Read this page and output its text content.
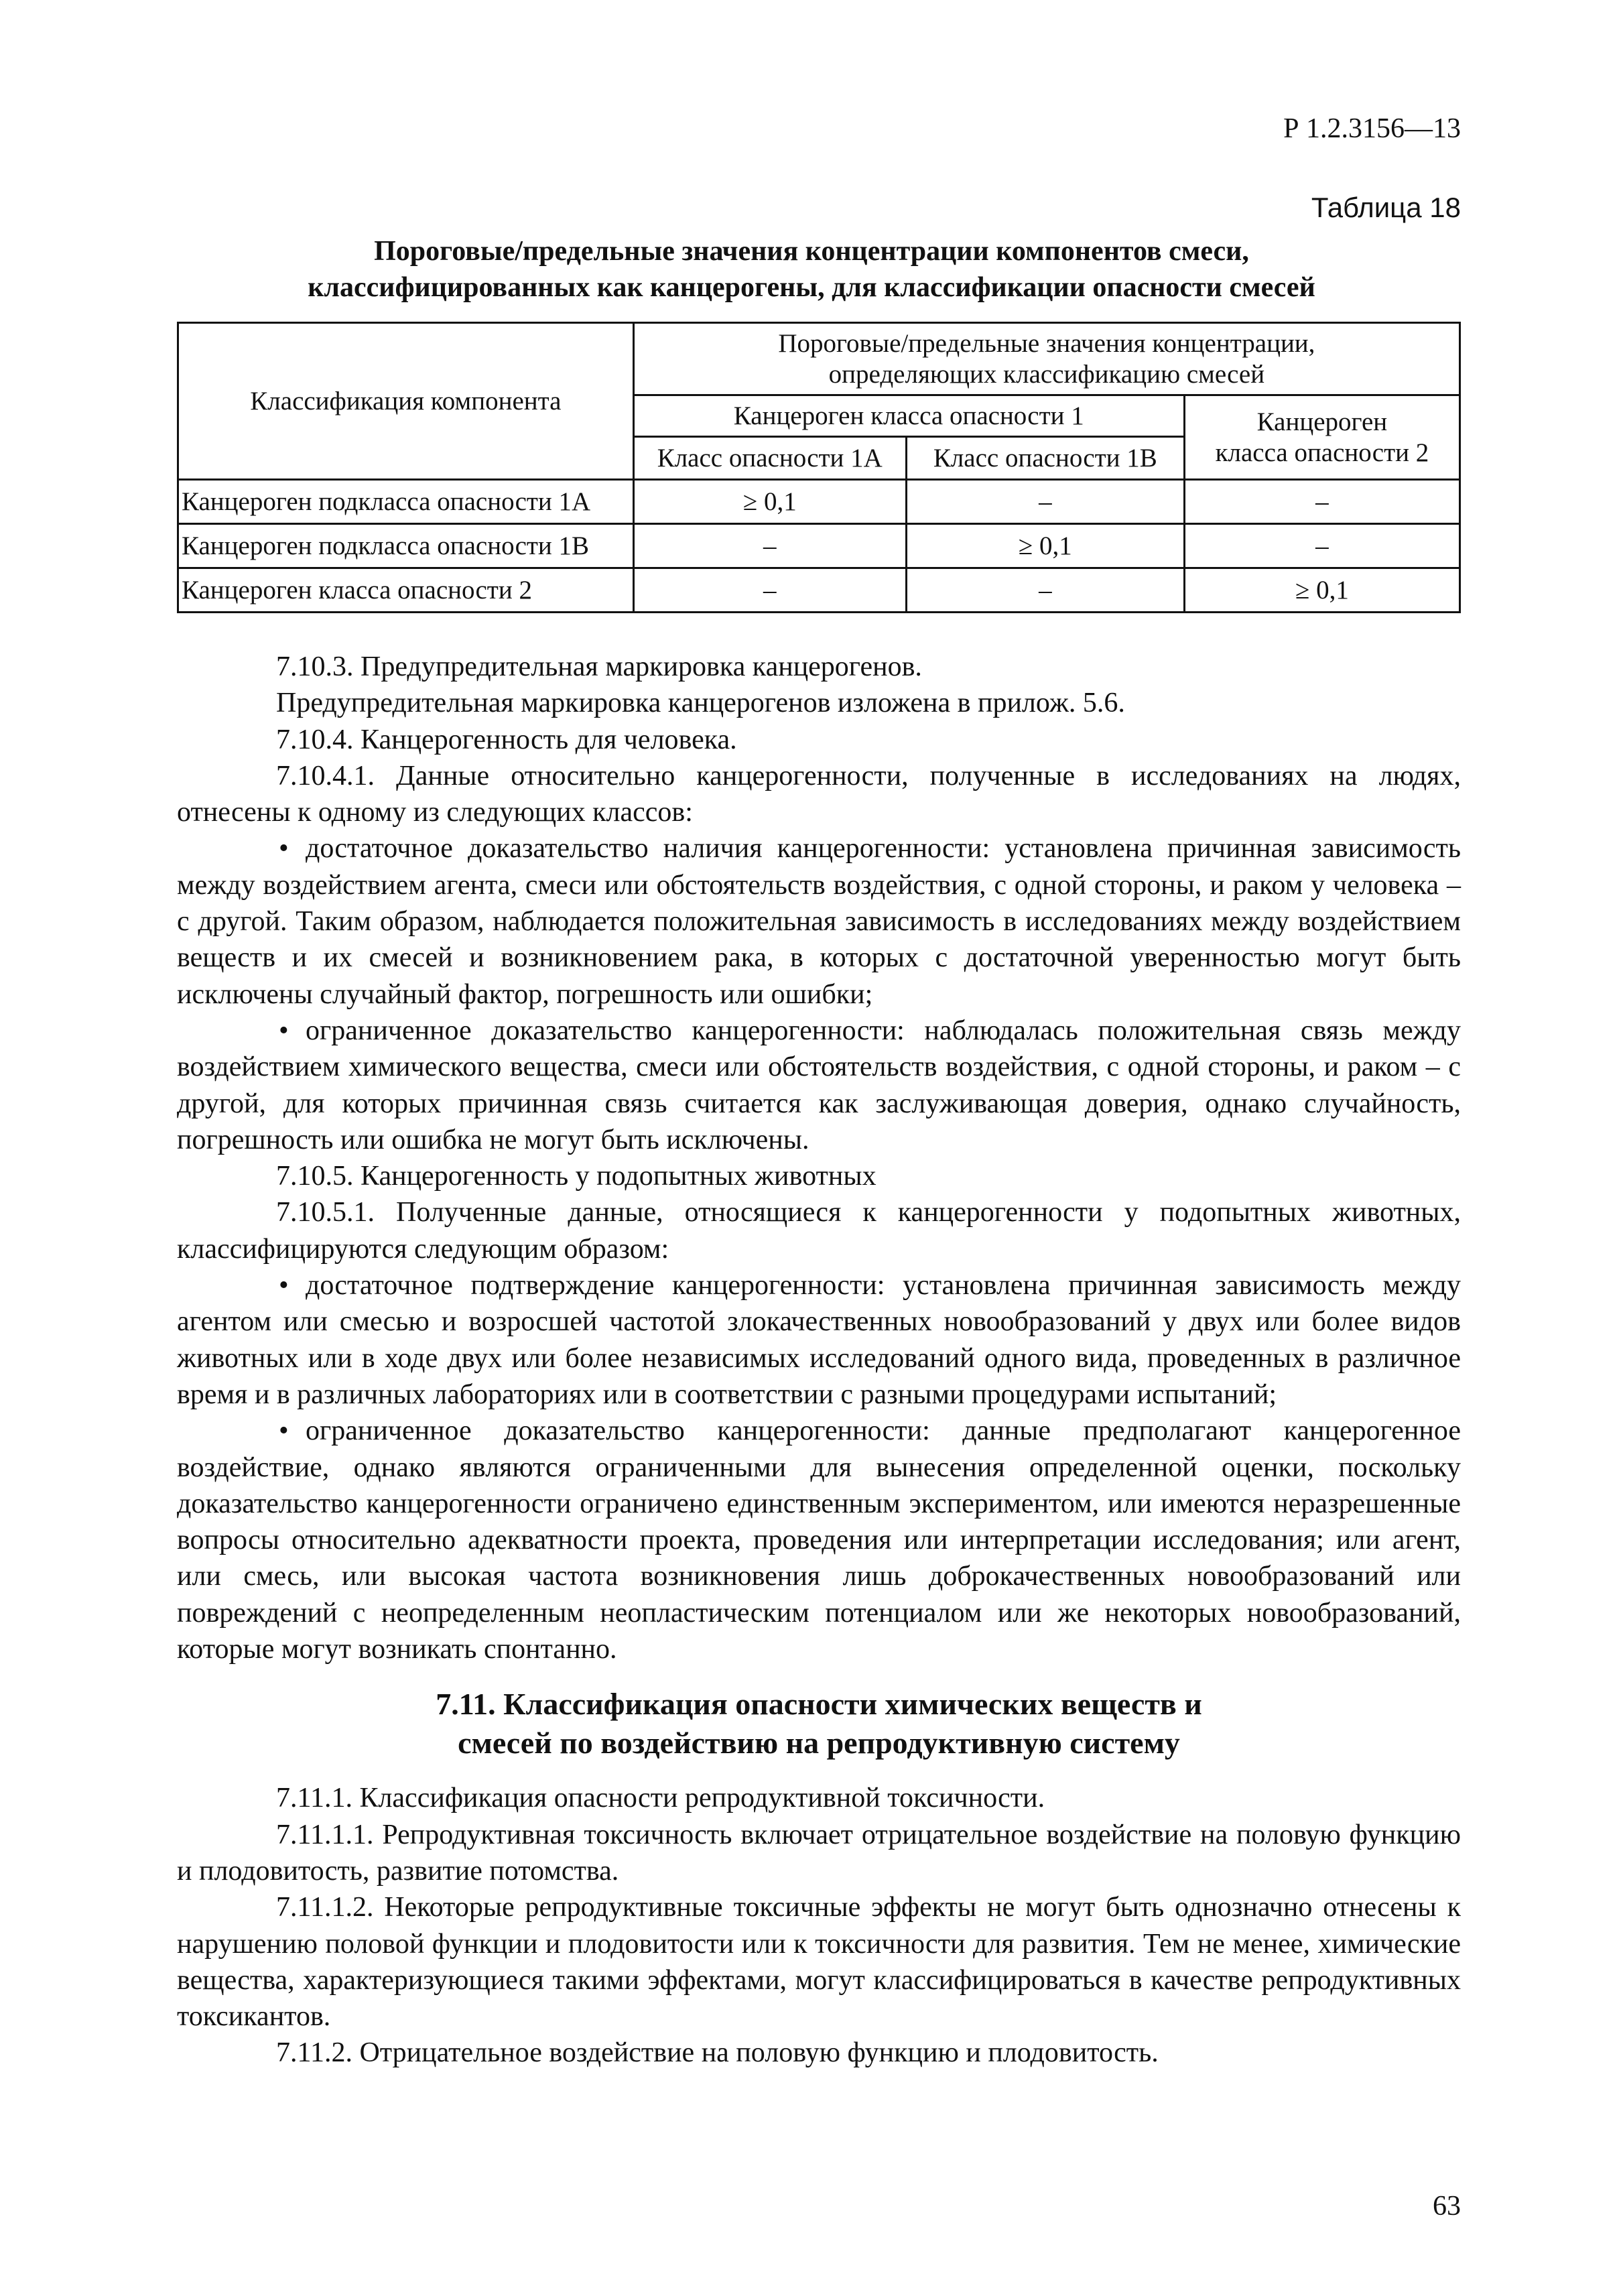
Р 1.2.3156—13
Таблица 18
Пороговые/предельные значения концентрации компонентов смеси,
классифицированных как канцерогены, для классификации опасности смесей
Классификация компонента	Пороговые/предельные значения концентрации,
определяющих классификацию смесей		

	Канцероген класса опасности 1		Канцероген
класса опасности 2

	Класс опасности 1A	Класс опасности 1B	
Канцероген подкласса опасности 1А	≥ 0,1	–	–
Канцероген подкласса опасности 1В	–	≥ 0,1	–
Канцероген класса опасности 2	–	–	≥ 0,1

7.10.3. Предупредительная маркировка канцерогенов.

Предупредительная маркировка канцерогенов изложена в прилож. 5.6.

7.10.4. Канцерогенность для человека.

7.10.4.1. Данные относительно канцерогенности, полученные в исследованиях на людях, отнесены к одному из следующих классов:

• достаточное доказательство наличия канцерогенности: установлена причинная зависимость между воздействием агента, смеси или обстоятельств воздействия, с одной стороны, и раком у человека – с другой. Таким образом, наблюдается положительная зависимость в исследованиях между воздействием веществ и их смесей и возникновением рака, в которых с достаточной уверенностью могут быть исключены случайный фактор, погрешность или ошибки;

• ограниченное доказательство канцерогенности: наблюдалась положительная связь между воздействием химического вещества, смеси или обстоятельств воздействия, с одной стороны, и раком – с другой, для которых причинная связь считается как заслуживающая доверия, однако случайность, погрешность или ошибка не могут быть исключены.

7.10.5. Канцерогенность у подопытных животных

7.10.5.1. Полученные данные, относящиеся к канцерогенности у подопытных животных, классифицируются следующим образом:

• достаточное подтверждение канцерогенности: установлена причинная зависимость между агентом или смесью и возросшей частотой злокачественных новообразований у двух или более видов животных или в ходе двух или более независимых исследований одного вида, проведенных в различное время и в различных лабораториях или в соответствии с разными процедурами испытаний;

• ограниченное доказательство канцерогенности: данные предполагают канцерогенное воздействие, однако являются ограниченными для вынесения определенной оценки, поскольку доказательство канцерогенности ограничено единственным экспериментом, или имеются неразрешенные вопросы относительно адекватности проекта, проведения или интерпретации исследования; или агент, или смесь, или высокая частота возникновения лишь доброкачественных новообразований или повреждений с неопределенным неопластическим потенциалом или же некоторых новообразований, которые могут возникать спонтанно.

7.11. Классификация опасности химических веществ и
смесей по воздействию на репродуктивную систему

7.11.1. Классификация опасности репродуктивной токсичности.

7.11.1.1. Репродуктивная токсичность включает отрицательное воздействие на половую функцию и плодовитость, развитие потомства.

7.11.1.2. Некоторые репродуктивные токсичные эффекты не могут быть однозначно отнесены к нарушению половой функции и плодовитости или к токсичности для развития. Тем не менее, химические вещества, характеризующиеся такими эффектами, могут классифицироваться в качестве репродуктивных токсикантов.

7.11.2. Отрицательное воздействие на половую функцию и плодовитость.

63
